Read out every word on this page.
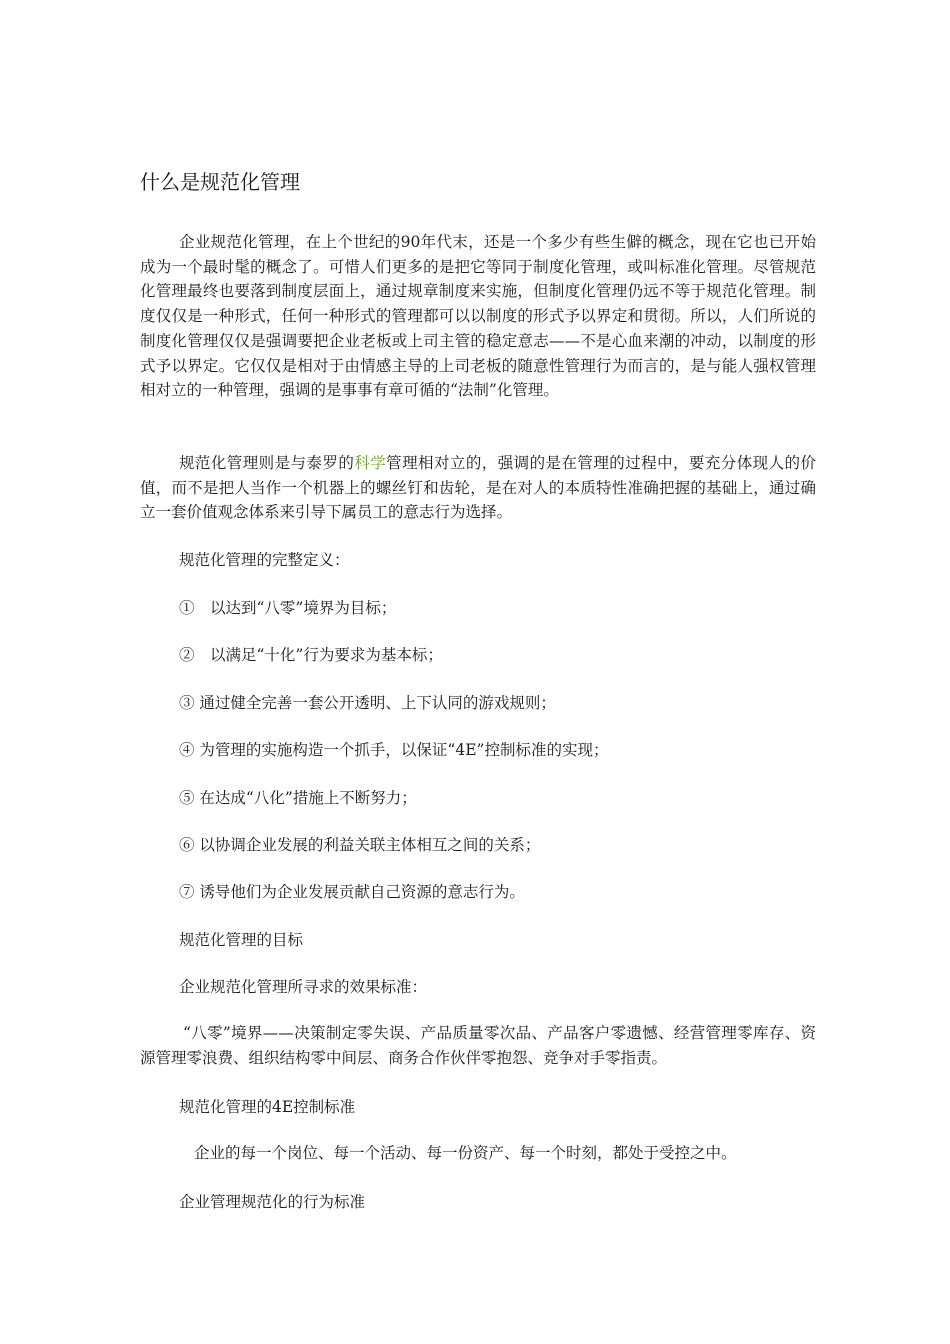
什么是规范化管理

企业规范化管理，在上个世纪的90年代末，还是一个多少有些生僻的概念，现在它也已开始成为一个最时髦的概念了。可惜人们更多的是把它等同于制度化管理，或叫标准化管理。尽管规范化管理最终也要落到制度层面上，通过规章制度来实施，但制度化管理仍远不等于规范化管理。制度仅仅是一种形式，任何一种形式的管理都可以以制度的形式予以界定和贯彻。所以，人们所说的制度化管理仅仅是强调要把企业老板或上司主管的稳定意志——不是心血来潮的冲动，以制度的形式予以界定。它仅仅是相对于由情感主导的上司老板的随意性管理行为而言的，是与能人强权管理相对立的一种管理，强调的是事事有章可循的“法制”化管理。

规范化管理则是与泰罗的科学管理相对立的，强调的是在管理的过程中，要充分体现人的价值，而不是把人当作一个机器上的螺丝钉和齿轮，是在对人的本质特性准确把握的基础上，通过确立一套价值观念体系来引导下属员工的意志行为选择。

规范化管理的完整定义：
①　以达到“八零”境界为目标；
②　以满足“十化”行为要求为基本标；
③ 通过健全完善一套公开透明、上下认同的游戏规则；
④ 为管理的实施构造一个抓手，以保证“4E”控制标准的实现；
⑤ 在达成“八化”措施上不断努力；
⑥ 以协调企业发展的利益关联主体相互之间的关系；
⑦ 诱导他们为企业发展贡献自己资源的意志行为。
规范化管理的目标
企业规范化管理所寻求的效果标准：

“八零”境界——决策制定零失误、产品质量零次品、产品客户零遗憾、经营管理零库存、资源管理零浪费、组织结构零中间层、商务合作伙伴零抱怨、竞争对手零指责。

规范化管理的4E控制标准
企业的每一个岗位、每一个活动、每一份资产、每一个时刻，都处于受控之中。
企业管理规范化的行为标准
